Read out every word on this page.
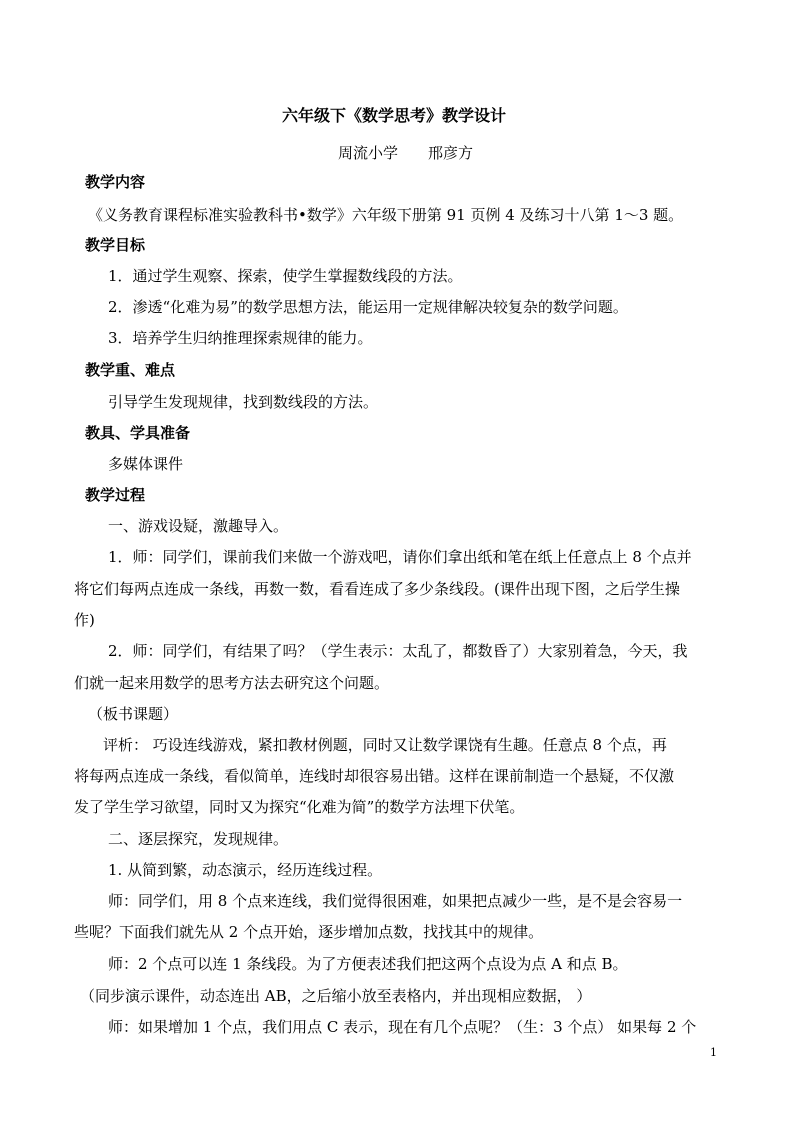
六年级下《数学思考》教学设计
周流小学　　邢彦方
教学内容
《义务教育课程标准实验教科书•数学》六年级下册第 91 页例 4 及练习十八第 1～3 题。
教学目标
1．通过学生观察、探索，使学生掌握数线段的方法。
2．渗透“化难为易”的数学思想方法，能运用一定规律解决较复杂的数学问题。
3．培养学生归纳推理探索规律的能力。
教学重、难点
引导学生发现规律，找到数线段的方法。
教具、学具准备
多媒体课件
教学过程
一、游戏设疑，激趣导入。
1．师：同学们，课前我们来做一个游戏吧，请你们拿出纸和笔在纸上任意点上 8 个点并
将它们每两点连成一条线，再数一数，看看连成了多少条线段。(课件出现下图，之后学生操
作)
2．师：同学们，有结果了吗？（学生表示：太乱了，都数昏了）大家别着急，今天，我
们就一起来用数学的思考方法去研究这个问题。
（板书课题）
评析： 巧设连线游戏，紧扣教材例题，同时又让数学课饶有生趣。任意点 8 个点，再
将每两点连成一条线，看似简单，连线时却很容易出错。这样在课前制造一个悬疑，不仅激
发了学生学习欲望，同时又为探究“化难为简”的数学方法埋下伏笔。
二、逐层探究，发现规律。
1. 从简到繁，动态演示，经历连线过程。
师：同学们，用 8 个点来连线，我们觉得很困难，如果把点减少一些，是不是会容易一
些呢？下面我们就先从 2 个点开始，逐步增加点数，找找其中的规律。
师：2 个点可以连 1 条线段。为了方便表述我们把这两个点设为点 A 和点 B。
（同步演示课件，动态连出 AB，之后缩小放至表格内，并出现相应数据， ）
师：如果增加 1 个点，我们用点 C 表示，现在有几个点呢？（生：3 个点） 如果每 2 个
1
